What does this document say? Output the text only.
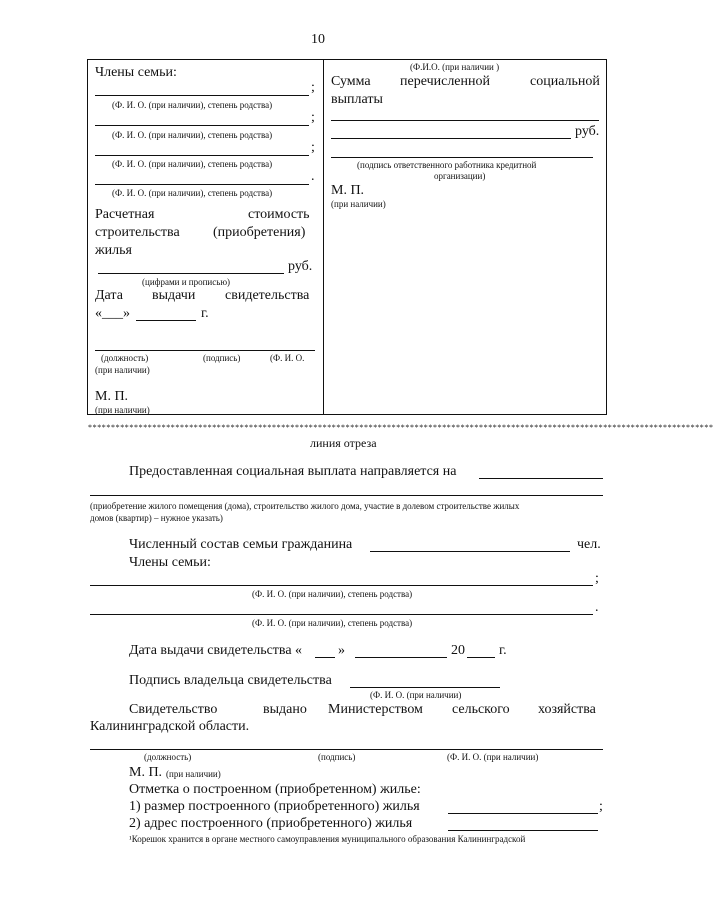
10
Члены семьи:
;
(Ф. И. О. (при наличии), степень родства)
;
(Ф. И. О. (при наличии), степень родства)
;
(Ф. И. О. (при наличии), степень родства)
.
(Ф. И. О. (при наличии), степень родства)
Расчетная	стоимость
строительства (приобретения)
жилья
руб.
(цифрами и прописью)
Дата выдачи свидетельства
«___»	г.
(должность)	(подпись)	(Ф. И. О.
(при наличии)
М. П.
(при наличии)
(Ф.И.О. (при наличии )
Сумма перечисленной	социальной
выплаты
руб.
(подпись ответственного работника кредитной
организации)
М. П.
(при наличии)
****************************************************************************************************************************************
линия отреза
Предоставленная социальная выплата направляется на
(приобретение жилого помещения (дома), строительство жилого дома, участие в долевом строительстве жилых
домов (квартир) – нужное указать)
Численный состав семьи гражданина	чел.
Члены семьи:
;
(Ф. И. О. (при наличии), степень родства)
.
(Ф. И. О. (при наличии), степень родства)
Дата выдачи свидетельства «	»	20 г.
Подпись владельца свидетельства
(Ф. И. О. (при наличии)
Свидетельство	выдано Министерством сельского хозяйства
Калининградской области.
(должность)	(подпись)	(Ф. И. О. (при наличии)
М. П. (при наличии)
Отметка о построенном (приобретенном) жилье:
1) размер построенного (приобретенного) жилья	;
2) адрес построенного (приобретенного) жилья
¹Корешок хранится в органе местного самоуправления муниципального образования Калининградской
